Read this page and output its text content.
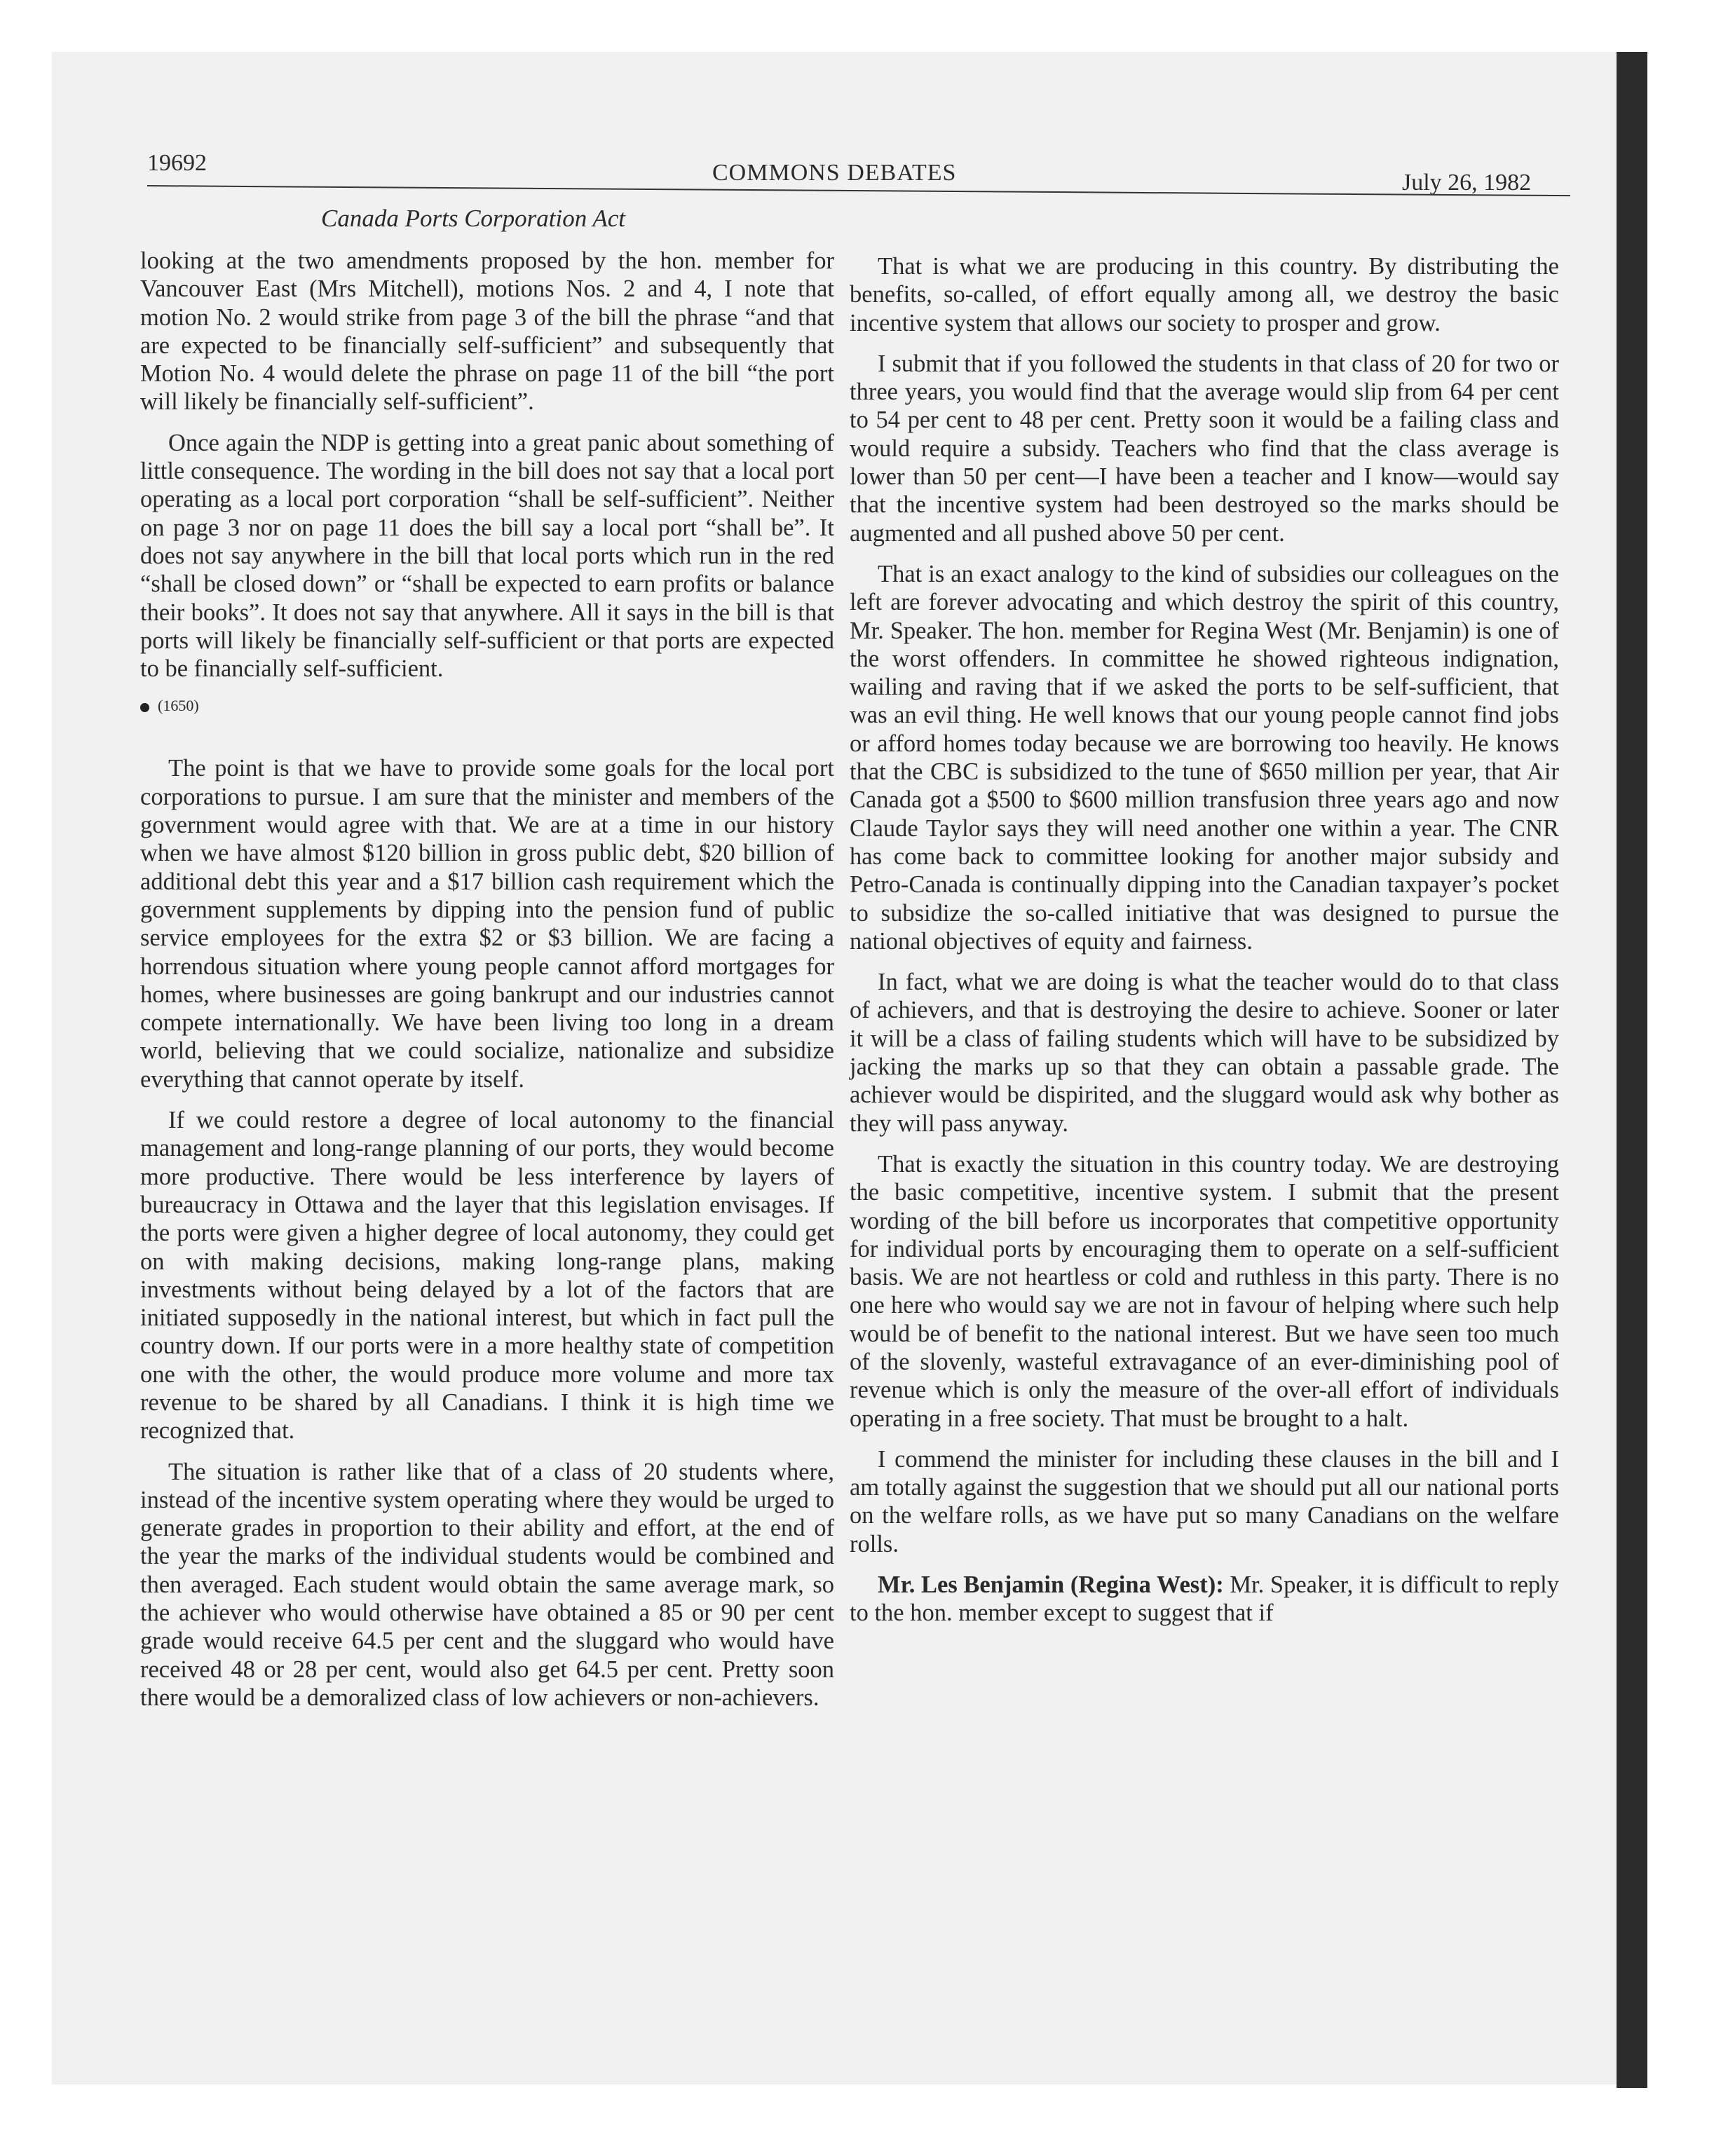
19692	COMMONS DEBATES	July 26, 1982
Canada Ports Corporation Act

looking at the two amendments proposed by the hon. member for Vancouver East (Mrs Mitchell), motions Nos. 2 and 4, I note that motion No. 2 would strike from page 3 of the bill the phrase “and that are expected to be financially self-sufficient” and subsequently that Motion No. 4 would delete the phrase on page 11 of the bill “the port will likely be financially self-sufficient”.

Once again the NDP is getting into a great panic about something of little consequence. The wording in the bill does not say that a local port operating as a local port corporation “shall be self-sufficient”. Neither on page 3 nor on page 11 does the bill say a local port “shall be”. It does not say anywhere in the bill that local ports which run in the red “shall be closed down” or “shall be expected to earn profits or balance their books”. It does not say that anywhere. All it says in the bill is that ports will likely be financially self-sufficient or that ports are expected to be financially self-sufficient.

(1650)

The point is that we have to provide some goals for the local port corporations to pursue. I am sure that the minister and members of the government would agree with that. We are at a time in our history when we have almost $120 billion in gross public debt, $20 billion of additional debt this year and a $17 billion cash requirement which the government supplements by dipping into the pension fund of public service employees for the extra $2 or $3 billion. We are facing a horrendous situation where young people cannot afford mortgages for homes, where businesses are going bankrupt and our industries cannot compete internationally. We have been living too long in a dream world, believing that we could socialize, nationalize and subsidize everything that cannot operate by itself.

If we could restore a degree of local autonomy to the financial management and long-range planning of our ports, they would become more productive. There would be less interference by layers of bureaucracy in Ottawa and the layer that this legislation envisages. If the ports were given a higher degree of local autonomy, they could get on with making decisions, making long-range plans, making investments without being delayed by a lot of the factors that are initiated supposedly in the national interest, but which in fact pull the country down. If our ports were in a more healthy state of competition one with the other, the would produce more volume and more tax revenue to be shared by all Canadians. I think it is high time we recognized that.

The situation is rather like that of a class of 20 students where, instead of the incentive system operating where they would be urged to generate grades in proportion to their ability and effort, at the end of the year the marks of the individual students would be combined and then averaged. Each student would obtain the same average mark, so the achiever who would otherwise have obtained a 85 or 90 per cent grade would receive 64.5 per cent and the sluggard who would have received 48 or 28 per cent, would also get 64.5 per cent. Pretty soon there would be a demoralized class of low achievers or non-achievers.

That is what we are producing in this country. By distributing the benefits, so-called, of effort equally among all, we destroy the basic incentive system that allows our society to prosper and grow.

I submit that if you followed the students in that class of 20 for two or three years, you would find that the average would slip from 64 per cent to 54 per cent to 48 per cent. Pretty soon it would be a failing class and would require a subsidy. Teachers who find that the class average is lower than 50 per cent—I have been a teacher and I know—would say that the incentive system had been destroyed so the marks should be augmented and all pushed above 50 per cent.

That is an exact analogy to the kind of subsidies our colleagues on the left are forever advocating and which destroy the spirit of this country, Mr. Speaker. The hon. member for Regina West (Mr. Benjamin) is one of the worst offenders. In committee he showed righteous indignation, wailing and raving that if we asked the ports to be self-sufficient, that was an evil thing. He well knows that our young people cannot find jobs or afford homes today because we are borrowing too heavily. He knows that the CBC is subsidized to the tune of $650 million per year, that Air Canada got a $500 to $600 million transfusion three years ago and now Claude Taylor says they will need another one within a year. The CNR has come back to committee looking for another major subsidy and Petro-Canada is continually dipping into the Canadian taxpayer’s pocket to subsidize the so-called initiative that was designed to pursue the national objectives of equity and fairness.

In fact, what we are doing is what the teacher would do to that class of achievers, and that is destroying the desire to achieve. Sooner or later it will be a class of failing students which will have to be subsidized by jacking the marks up so that they can obtain a passable grade. The achiever would be dispirited, and the sluggard would ask why bother as they will pass anyway.

That is exactly the situation in this country today. We are destroying the basic competitive, incentive system. I submit that the present wording of the bill before us incorporates that competitive opportunity for individual ports by encouraging them to operate on a self-sufficient basis. We are not heartless or cold and ruthless in this party. There is no one here who would say we are not in favour of helping where such help would be of benefit to the national interest. But we have seen too much of the slovenly, wasteful extravagance of an ever-diminishing pool of revenue which is only the measure of the over-all effort of individuals operating in a free society. That must be brought to a halt.

I commend the minister for including these clauses in the bill and I am totally against the suggestion that we should put all our national ports on the welfare rolls, as we have put so many Canadians on the welfare rolls.

Mr. Les Benjamin (Regina West): Mr. Speaker, it is difficult to reply to the hon. member except to suggest that if
